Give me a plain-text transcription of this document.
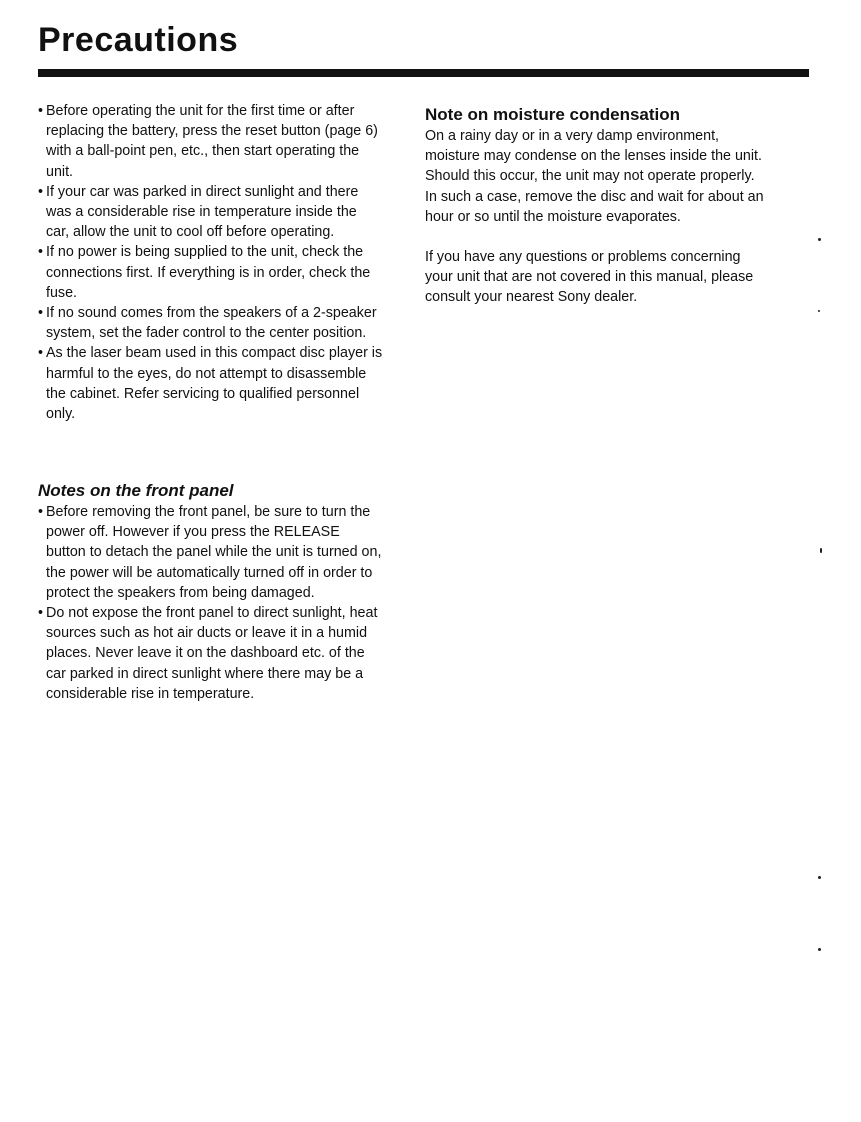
Precautions
• Before operating the unit for the first time or after replacing the battery, press the reset button (page 6) with a ball-point pen, etc., then start operating the unit.
• If your car was parked in direct sunlight and there was a considerable rise in temperature inside the car, allow the unit to cool off before operating.
• If no power is being supplied to the unit, check the connections first. If everything is in order, check the fuse.
• If no sound comes from the speakers of a 2-speaker system, set the fader control to the center position.
• As the laser beam used in this compact disc player is harmful to the eyes, do not attempt to disassemble the cabinet. Refer servicing to qualified personnel only.
Notes on the front panel
• Before removing the front panel, be sure to turn the power off. However if you press the RELEASE button to detach the panel while the unit is turned on, the power will be automatically turned off in order to protect the speakers from being damaged.
• Do not expose the front panel to direct sunlight, heat sources such as hot air ducts or leave it in a humid places. Never leave it on the dashboard etc. of the car parked in direct sunlight where there may be a considerable rise in temperature.
Note on moisture condensation

On a rainy day or in a very damp environment, moisture may condense on the lenses inside the unit.

Should this occur, the unit may not operate properly. In such a case, remove the disc and wait for about an hour or so until the moisture evaporates.

If you have any questions or problems concerning your unit that are not covered in this manual, please consult your nearest Sony dealer.
